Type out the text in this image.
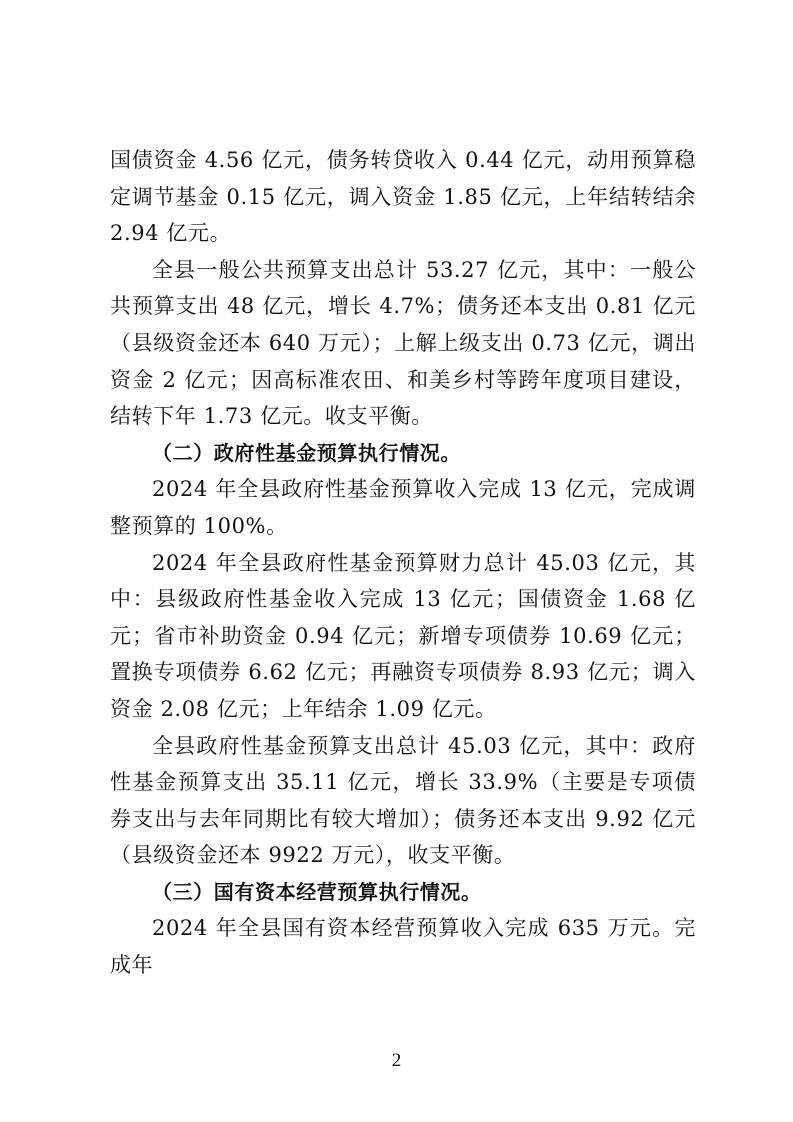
国债资金 4.56 亿元，债务转贷收入 0.44 亿元，动用预算稳定调节基金 0.15 亿元，调入资金 1.85 亿元，上年结转结余 2.94 亿元。

全县一般公共预算支出总计 53.27 亿元，其中：一般公共预算支出 48 亿元，增长 4.7%；债务还本支出 0.81 亿元（县级资金还本 640 万元）；上解上级支出 0.73 亿元，调出资金 2 亿元；因高标准农田、和美乡村等跨年度项目建设，结转下年 1.73 亿元。收支平衡。

（二）政府性基金预算执行情况。

2024 年全县政府性基金预算收入完成 13 亿元，完成调整预算的 100%。

2024 年全县政府性基金预算财力总计 45.03 亿元，其中：县级政府性基金收入完成 13 亿元；国债资金 1.68 亿元；省市补助资金 0.94 亿元；新增专项债券 10.69 亿元；置换专项债券 6.62 亿元；再融资专项债券 8.93 亿元；调入资金 2.08 亿元；上年结余 1.09 亿元。

全县政府性基金预算支出总计 45.03 亿元，其中：政府性基金预算支出 35.11 亿元，增长 33.9%（主要是专项债券支出与去年同期比有较大增加）；债务还本支出 9.92 亿元（县级资金还本 9922 万元），收支平衡。

（三）国有资本经营预算执行情况。

2024 年全县国有资本经营预算收入完成 635 万元。完成年

2
